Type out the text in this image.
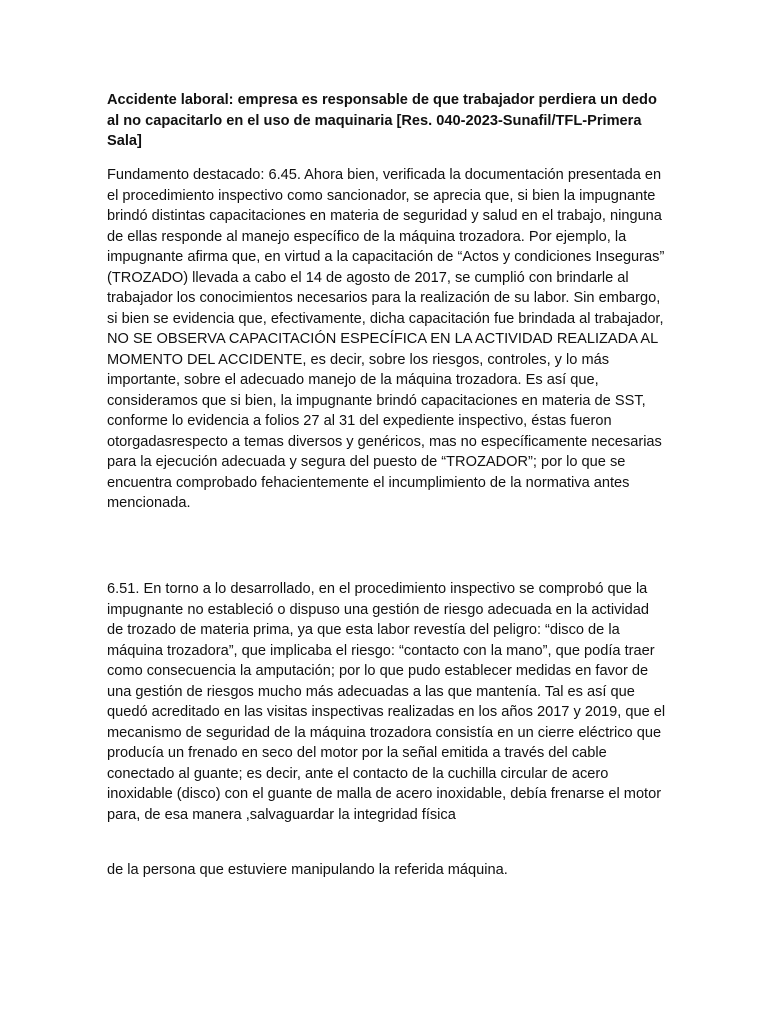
Accidente laboral: empresa es responsable de que trabajador perdiera un dedo al no capacitarlo en el uso de maquinaria [Res. 040-2023-Sunafil/TFL-Primera Sala]

Fundamento destacado: 6.45. Ahora bien, verificada la documentación presentada en el procedimiento inspectivo como sancionador, se aprecia que, si bien la impugnante brindó distintas capacitaciones en materia de seguridad y salud en el trabajo, ninguna de ellas responde al manejo específico de la máquina trozadora. Por ejemplo, la impugnante afirma que, en virtud a la capacitación de “Actos y condiciones Inseguras” (TROZADO) llevada a cabo el 14 de agosto de 2017, se cumplió con brindarle al trabajador los conocimientos necesarios para la realización de su labor. Sin embargo, si bien se evidencia que, efectivamente, dicha capacitación fue brindada al trabajador, NO SE OBSERVA CAPACITACIÓN ESPECÍFICA EN LA ACTIVIDAD REALIZADA AL MOMENTO DEL ACCIDENTE, es decir, sobre los riesgos, controles, y lo más importante, sobre el adecuado manejo de la máquina trozadora. Es así que, consideramos que si bien, la impugnante brindó capacitaciones en materia de SST, conforme lo evidencia a folios 27 al 31 del expediente inspectivo, éstas fueron otorgadasrespecto a temas diversos y genéricos, mas no específicamente necesarias para la ejecución adecuada y segura del puesto de “TROZADOR”; por lo que se encuentra comprobado fehacientemente el incumplimiento de la normativa antes mencionada.

6.51. En torno a lo desarrollado, en el procedimiento inspectivo se comprobó que la impugnante no estableció o dispuso una gestión de riesgo adecuada en la actividad de trozado de materia prima, ya que esta labor revestía del peligro: “disco de la máquina trozadora”, que implicaba el riesgo: “contacto con la mano”, que podía traer como consecuencia la amputación; por lo que pudo establecer medidas en favor de una gestión de riesgos mucho más adecuadas a las que mantenía. Tal es así que quedó acreditado en las visitas inspectivas realizadas en los años 2017 y 2019, que el mecanismo de seguridad de la máquina trozadora consistía en un cierre eléctrico que producía un frenado en seco del motor por la señal emitida a través del cable conectado al guante; es decir, ante el contacto de la cuchilla circular de acero inoxidable (disco) con el guante de malla de acero inoxidable, debía frenarse el motor para, de esa manera ,salvaguardar la integridad física

de la persona que estuviere manipulando la referida máquina.
